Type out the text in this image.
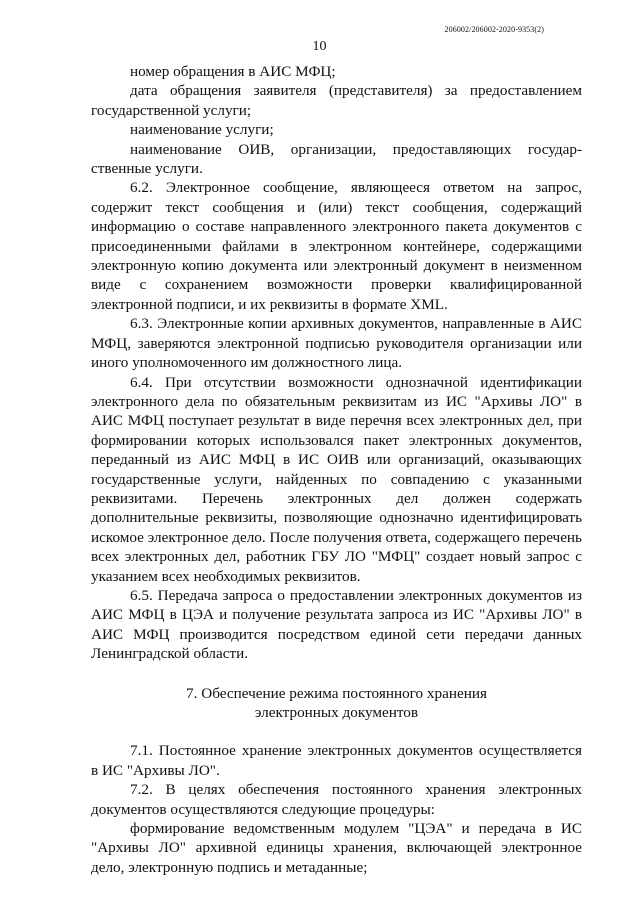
206002/206002-2020-9353(2)
10

номер обращения в АИС МФЦ;

дата обращения заявителя (представителя) за предоставлением государственной услуги;

наименование услуги;

наименование ОИВ, организации, предоставляющих государственные услуги.

6.2. Электронное сообщение, являющееся ответом на запрос, содержит текст сообщения и (или) текст сообщения, содержащий информацию о составе направленного электронного пакета документов с присоединенными файлами в электронном контейнере, содержащими электронную копию документа или электронный документ в неизменном виде с сохранением возможности проверки квалифицированной электронной подписи, и их реквизиты в формате XML.

6.3. Электронные копии архивных документов, направленные в АИС МФЦ, заверяются электронной подписью руководителя организации или иного уполномоченного им должностного лица.

6.4. При отсутствии возможности однозначной идентификации электронного дела по обязательным реквизитам из ИС "Архивы ЛО" в АИС МФЦ поступает результат в виде перечня всех электронных дел, при формировании которых использовался пакет электронных документов, переданный из АИС МФЦ в ИС ОИВ или организаций, оказывающих государственные услуги, найденных по совпадению с указанными реквизитами. Перечень электронных дел должен содержать дополнительные реквизиты, позволяющие однозначно идентифицировать искомое электронное дело. После получения ответа, содержащего перечень всех электронных дел, работник ГБУ ЛО "МФЦ" создает новый запрос с указанием всех необходимых реквизитов.

6.5. Передача запроса о предоставлении электронных документов из АИС МФЦ в ЦЭА и получение результата запроса из ИС "Архивы ЛО" в АИС МФЦ производится посредством единой сети передачи данных Ленинградской области.

7. Обеспечение режима постоянного хранения
электронных документов

7.1. Постоянное хранение электронных документов осуществляется в ИС "Архивы ЛО".

7.2. В целях обеспечения постоянного хранения электронных документов осуществляются следующие процедуры:

формирование ведомственным модулем "ЦЭА" и передача в ИС "Архивы ЛО" архивной единицы хранения, включающей электронное дело, электронную подпись и метаданные;
